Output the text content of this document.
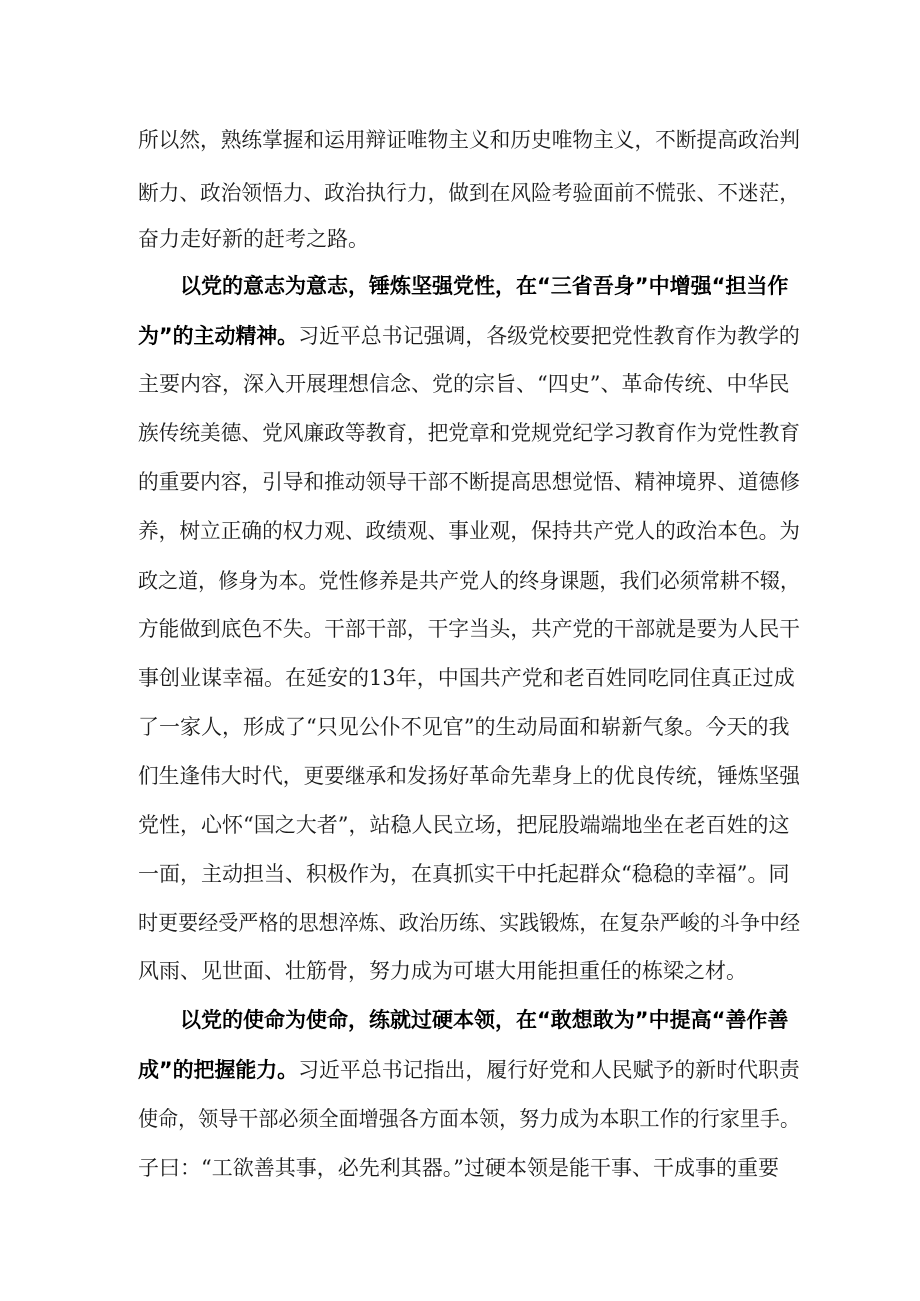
所以然，熟练掌握和运用辩证唯物主义和历史唯物主义，不断提高政治判
断力、政治领悟力、政治执行力，做到在风险考验面前不慌张、不迷茫，
奋力走好新的赶考之路。
以党的意志为意志，锤炼坚强党性，在“三省吾身”中增强“担当作
为”的主动精神。习近平总书记强调，各级党校要把党性教育作为教学的
主要内容，深入开展理想信念、党的宗旨、“四史”、革命传统、中华民
族传统美德、党风廉政等教育，把党章和党规党纪学习教育作为党性教育
的重要内容，引导和推动领导干部不断提高思想觉悟、精神境界、道德修
养，树立正确的权力观、政绩观、事业观，保持共产党人的政治本色。为
政之道，修身为本。党性修养是共产党人的终身课题，我们必须常耕不辍，
方能做到底色不失。干部干部，干字当头，共产党的干部就是要为人民干
事创业谋幸福。在延安的13年，中国共产党和老百姓同吃同住真正过成
了一家人，形成了“只见公仆不见官”的生动局面和崭新气象。今天的我
们生逢伟大时代，更要继承和发扬好革命先辈身上的优良传统，锤炼坚强
党性，心怀“国之大者”，站稳人民立场，把屁股端端地坐在老百姓的这
一面，主动担当、积极作为，在真抓实干中托起群众“稳稳的幸福”。同
时更要经受严格的思想淬炼、政治历练、实践锻炼，在复杂严峻的斗争中经
风雨、见世面、壮筋骨，努力成为可堪大用能担重任的栋梁之材。
以党的使命为使命，练就过硬本领，在“敢想敢为”中提高“善作善
成”的把握能力。习近平总书记指出，履行好党和人民赋予的新时代职责
使命，领导干部必须全面增强各方面本领，努力成为本职工作的行家里手。
子曰：“工欲善其事，必先利其器。”过硬本领是能干事、干成事的重要
